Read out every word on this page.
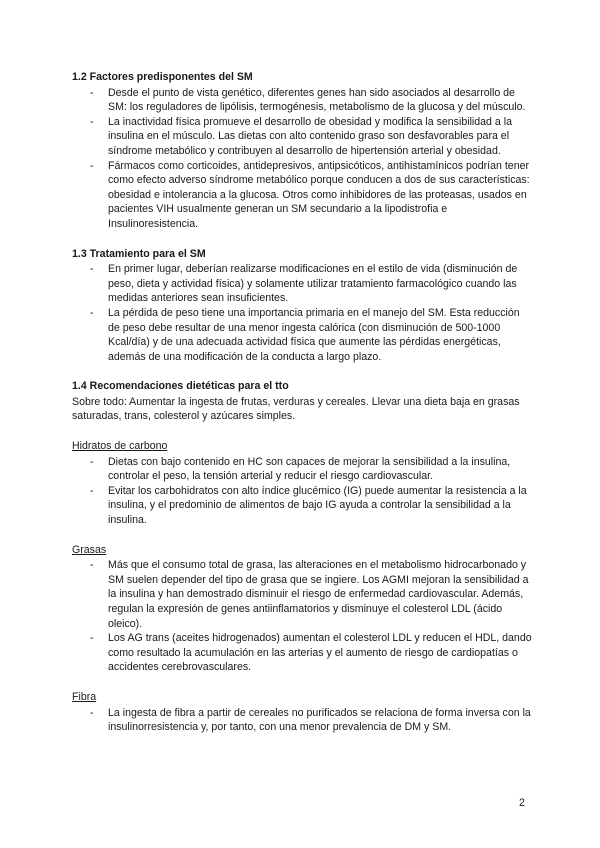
1.2 Factores predisponentes del SM
- Desde el punto de vista genético, diferentes genes han sido asociados al desarrollo de SM: los reguladores de lipólisis, termogénesis, metabolismo de la glucosa y del músculo.
- La inactividad física promueve el desarrollo de obesidad y modifica la sensibilidad a la insulina en el músculo. Las dietas con alto contenido graso son desfavorables para el síndrome metabólico y contribuyen al desarrollo de hipertensión arterial y obesidad.
- Fármacos como corticoides, antidepresivos, antipsicóticos, antihistamínicos podrían tener como efecto adverso síndrome metabólico porque conducen a dos de sus características: obesidad e intolerancia a la glucosa. Otros como inhibidores de las proteasas, usados en pacientes VIH usualmente generan un SM secundario a la lipodistrofia e Insulinoresistencia.
1.3 Tratamiento para el SM
- En primer lugar, deberían realizarse modificaciones en el estilo de vida (disminución de peso, dieta y actividad física) y solamente utilizar tratamiento farmacológico cuando las medidas anteriores sean insuficientes.
- La pérdida de peso tiene una importancia primaria en el manejo del SM. Esta reducción de peso debe resultar de una menor ingesta calórica (con disminución de 500-1000 Kcal/día) y de una adecuada actividad física que aumente las pérdidas energéticas, además de una modificación de la conducta a largo plazo.
1.4 Recomendaciones dietéticas para el tto

Sobre todo: Aumentar la ingesta de frutas, verduras y cereales. Llevar una dieta baja en grasas saturadas, trans, colesterol y azúcares simples.

Hidratos de carbono

- Dietas con bajo contenido en HC son capaces de mejorar la sensibilidad a la insulina, controlar el peso, la tensión arterial y reducir el riesgo cardiovascular.
- Evitar los carbohidratos con alto índice glucémico (IG) puede aumentar la resistencia a la insulina, y el predominio de alimentos de bajo IG ayuda a controlar la sensibilidad a la insulina.

Grasas

- Más que el consumo total de grasa, las alteraciones en el metabolismo hidrocarbonado y SM suelen depender del tipo de grasa que se ingiere. Los AGMI mejoran la sensibilidad a la insulina y han demostrado disminuir el riesgo de enfermedad cardiovascular. Además, regulan la expresión de genes antiinflamatorios y disminuye el colesterol LDL (ácido oleico).
- Los AG trans (aceites hidrogenados) aumentan el colesterol LDL y reducen el HDL, dando como resultado la acumulación en las arterias y el aumento de riesgo de cardiopatías o accidentes cerebrovasculares.

Fibra

- La ingesta de fibra a partir de cereales no purificados se relaciona de forma inversa con la insulinorresistencia y, por tanto, con una menor prevalencia de DM y SM.
2
